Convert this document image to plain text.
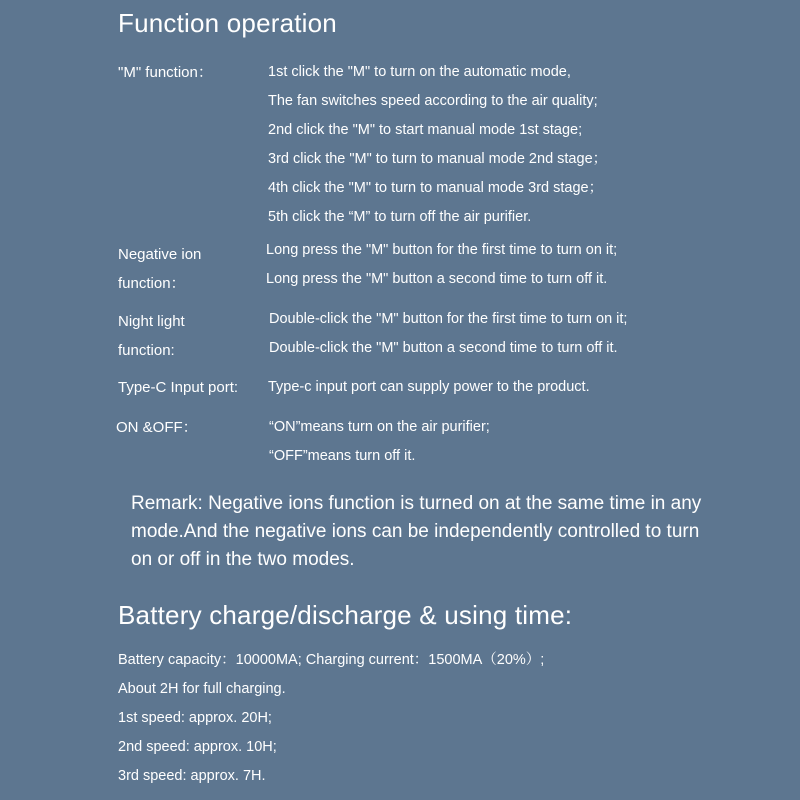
Function operation
"M" function：	1st click the "M" to turn on the automatic mode,
The fan switches speed according to the air quality;
2nd click the "M" to start manual mode 1st stage;
3rd click the "M" to turn to manual mode 2nd stage；
4th click the "M" to turn to manual mode 3rd stage；
5th click the “M” to turn off the air purifier.
Negative ion
function：
Long press the "M" button for the first time to turn on it;
Long press the "M" button a second time to turn off it.
Night light
function:
Double-click the "M" button for the first time to turn on it;
Double-click the "M" button a second time to turn off it.
Type-C Input port: Type-c input port can supply power to the product.
ON &OFF：	“ON”means turn on the air purifier;
“OFF”means turn off it.
Remark: Negative ions function is turned on at the same time in any mode.And the negative ions can be independently controlled to turn on or off in the two modes.
Battery charge/discharge & using time:
Battery capacity：10000MA; Charging current：1500MA（20%）;
About 2H for full charging.
1st speed: approx. 20H;
2nd speed: approx. 10H;
3rd speed: approx. 7H.
